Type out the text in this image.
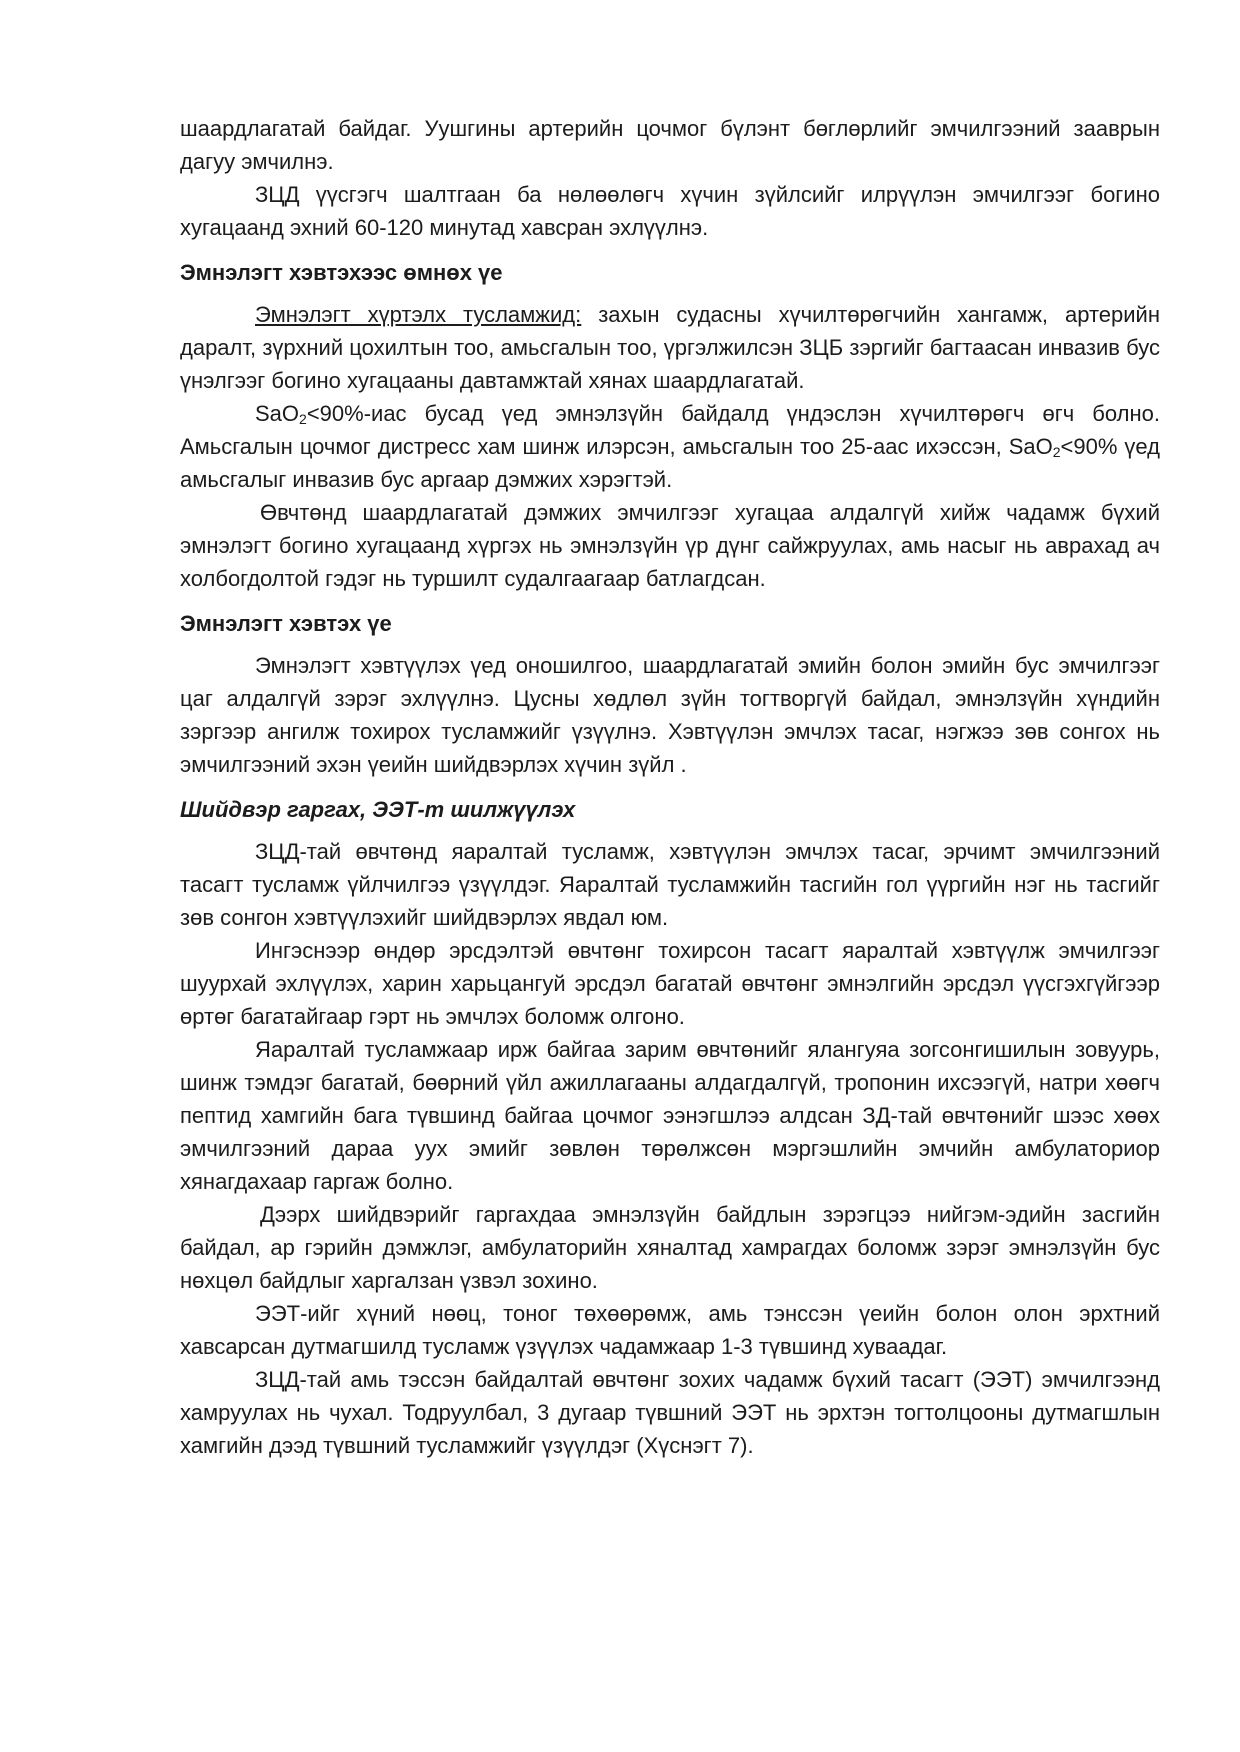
шаардлагатай байдаг. Уушгины артерийн цочмог бүлэнт бөглөрлийг эмчилгээний зааврын дагуу эмчилнэ.

ЗЦД үүсгэгч шалтгаан ба нөлөөлөгч хүчин зүйлсийг илрүүлэн эмчилгээг богино хугацаанд эхний 60-120 минутад хавсран эхлүүлнэ.

Эмнэлэгт хэвтэхээс өмнөх үе

Эмнэлэгт хүртэлх тусламжид: захын судасны хүчилтөрөгчийн хангамж, артерийн даралт, зүрхний цохилтын тоо, амьсгалын тоо, үргэлжилсэн ЗЦБ зэргийг багтаасан инвазив бус үнэлгээг богино хугацааны давтамжтай хянах шаардлагатай.

SaO$_2$<90%-иас бусад үед эмнэлзүйн байдалд үндэслэн хүчилтөрөгч өгч болно. Амьсгалын цочмог дистресс хам шинж илэрсэн, амьсгалын тоо 25-аас ихэссэн, SaO$_2$<90% үед амьсгалыг инвазив бус аргаар дэмжих хэрэгтэй.

Өвчтөнд шаардлагатай дэмжих эмчилгээг хугацаа алдалгүй хийж чадамж бүхий эмнэлэгт богино хугацаанд хүргэх нь эмнэлзүйн үр дүнг сайжруулах, амь насыг нь аврахад ач холбогдолтой гэдэг нь туршилт судалгаагаар батлагдсан.

Эмнэлэгт хэвтэх үе

Эмнэлэгт хэвтүүлэх үед оношилгоо, шаардлагатай эмийн болон эмийн бус эмчилгээг цаг алдалгүй зэрэг эхлүүлнэ. Цусны хөдлөл зүйн тогтворгүй байдал, эмнэлзүйн хүндийн зэргээр ангилж тохирох тусламжийг үзүүлнэ. Хэвтүүлэн эмчлэх тасаг, нэгжээ зөв сонгох нь эмчилгээний эхэн үеийн шийдвэрлэх хүчин зүйл .

Шийдвэр гаргах, ЭЭТ-т шилжүүлэх

ЗЦД-тай өвчтөнд яаралтай тусламж, хэвтүүлэн эмчлэх тасаг, эрчимт эмчилгээний тасагт тусламж үйлчилгээ үзүүлдэг. Яаралтай тусламжийн тасгийн гол үүргийн нэг нь тасгийг зөв сонгон хэвтүүлэхийг шийдвэрлэх явдал юм.

Ингэснээр өндөр эрсдэлтэй өвчтөнг тохирсон тасагт яаралтай хэвтүүлж эмчилгээг шуурхай эхлүүлэх, харин харьцангуй эрсдэл багатай өвчтөнг эмнэлгийн эрсдэл үүсгэхгүйгээр өртөг багатайгаар гэрт нь эмчлэх боломж олгоно.

Яаралтай тусламжаар ирж байгаа зарим өвчтөнийг ялангуяа зогсонгишилын зовуурь, шинж тэмдэг багатай, бөөрний үйл ажиллагааны алдагдалгүй, тропонин ихсээгүй, натри хөөгч пептид хамгийн бага түвшинд байгаа цочмог ээнэгшлээ алдсан ЗД-тай өвчтөнийг шээс хөөх эмчилгээний дараа уух эмийг зөвлөн төрөлжсөн мэргэшлийн эмчийн амбулаториор хянагдахаар гаргаж болно.

Дээрх шийдвэрийг гаргахдаа эмнэлзүйн байдлын зэрэгцээ нийгэм-эдийн засгийн байдал, ар гэрийн дэмжлэг, амбулаторийн хяналтад хамрагдах боломж зэрэг эмнэлзүйн бус нөхцөл байдлыг харгалзан үзвэл зохино.

ЭЭТ-ийг хүний нөөц, тоног төхөөрөмж, амь тэнссэн үеийн болон олон эрхтний хавсарсан дутмагшилд тусламж үзүүлэх чадамжаар 1-3 түвшинд хуваадаг.

ЗЦД-тай амь тэссэн байдалтай өвчтөнг зохих чадамж бүхий тасагт (ЭЭТ) эмчилгээнд хамруулах нь чухал. Тодруулбал, 3 дугаар түвшний ЭЭТ нь эрхтэн тогтолцооны дутмагшлын хамгийн дээд түвшний тусламжийг үзүүлдэг (Хүснэгт 7).
